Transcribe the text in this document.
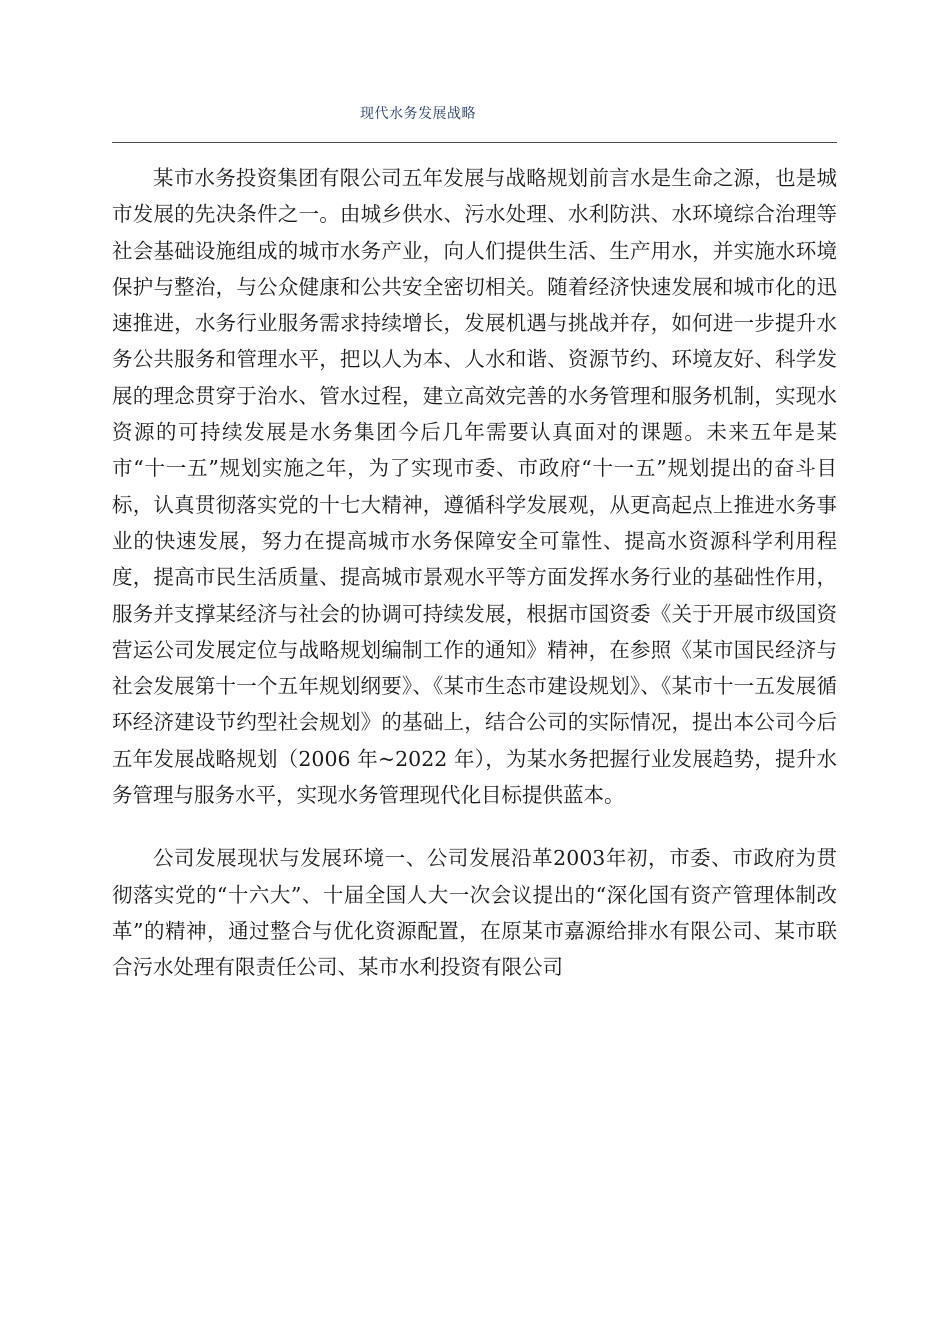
现代水务发展战略

某市水务投资集团有限公司五年发展与战略规划前言水是生命之源，也是城市发展的先决条件之一。由城乡供水、污水处理、水利防洪、水环境综合治理等社会基础设施组成的城市水务产业，向人们提供生活、生产用水，并实施水环境保护与整治，与公众健康和公共安全密切相关。随着经济快速发展和城市化的迅速推进，水务行业服务需求持续增长，发展机遇与挑战并存，如何进一步提升水务公共服务和管理水平，把以人为本、人水和谐、资源节约、环境友好、科学发展的理念贯穿于治水、管水过程，建立高效完善的水务管理和服务机制，实现水资源的可持续发展是水务集团今后几年需要认真面对的课题。未来五年是某市“十一五”规划实施之年，为了实现市委、市政府“十一五”规划提出的奋斗目标，认真贯彻落实党的十七大精神，遵循科学发展观，从更高起点上推进水务事业的快速发展，努力在提高城市水务保障安全可靠性、提高水资源科学利用程度，提高市民生活质量、提高城市景观水平等方面发挥水务行业的基础性作用，服务并支撑某经济与社会的协调可持续发展，根据市国资委《关于开展市级国资营运公司发展定位与战略规划编制工作的通知》精神，在参照《某市国民经济与社会发展第十一个五年规划纲要》、《某市生态市建设规划》、《某市十一五发展循环经济建设节约型社会规划》的基础上，结合公司的实际情况，提出本公司今后五年发展战略规划（2006 年~2022 年），为某水务把握行业发展趋势，提升水务管理与服务水平，实现水务管理现代化目标提供蓝本。

公司发展现状与发展环境一、公司发展沿革2003年初，市委、市政府为贯彻落实党的“十六大”、十届全国人大一次会议提出的“深化国有资产管理体制改革”的精神，通过整合与优化资源配置，在原某市嘉源给排水有限公司、某市联合污水处理有限责任公司、某市水利投资有限公司
